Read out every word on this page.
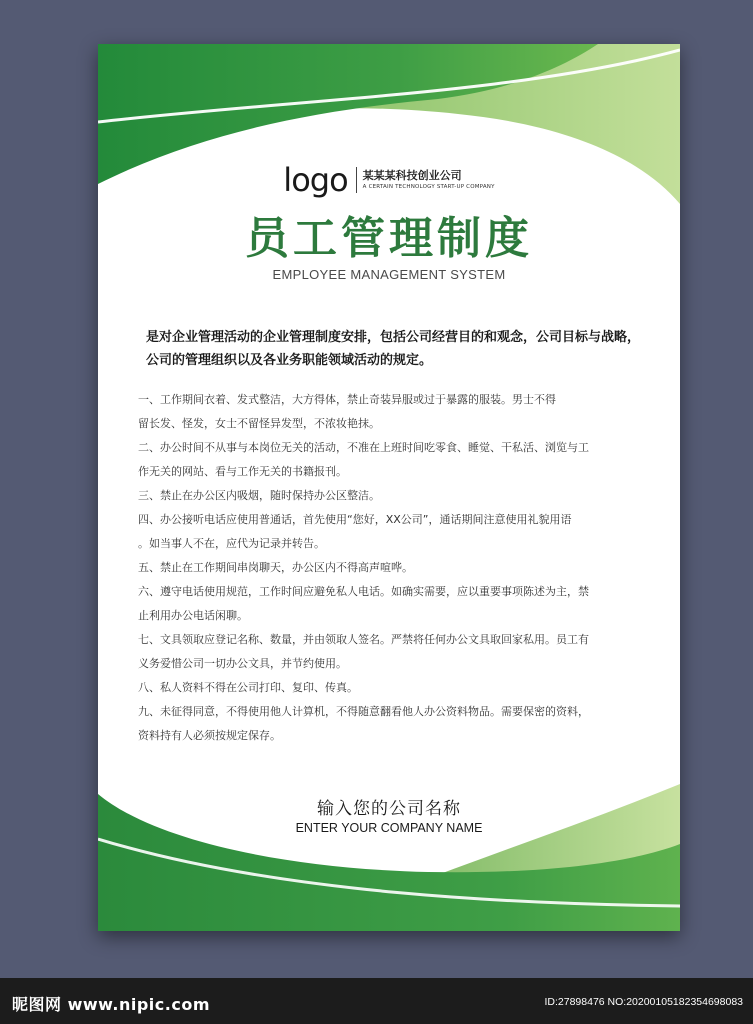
logo 某某某科技创业公司
A CERTAIN TECHNOLOGY START-UP COMPANY
员工管理制度
EMPLOYEE MANAGEMENT SYSTEM
是对企业管理活动的企业管理制度安排，包括公司经营目的和观念，公司目标与战略，公司的管理组织以及各业务职能领域活动的规定。
一、工作期间衣着、发式整洁，大方得体，禁止奇装异服或过于暴露的服装。男士不得
留长发、怪发，女士不留怪异发型，不浓妆艳抹。
二、办公时间不从事与本岗位无关的活动，不准在上班时间吃零食、睡觉、干私活、浏览与工
作无关的网站、看与工作无关的书籍报刊。
三、禁止在办公区内吸烟，随时保持办公区整洁。
四、办公接听电话应使用普通话，首先使用“您好，XX公司”，通话期间注意使用礼貌用语
。如当事人不在，应代为记录并转告。
五、禁止在工作期间串岗聊天，办公区内不得高声喧哗。
六、遵守电话使用规范，工作时间应避免私人电话。如确实需要，应以重要事项陈述为主，禁
止利用办公电话闲聊。
七、文具领取应登记名称、数量，并由领取人签名。严禁将任何办公文具取回家私用。员工有
义务爱惜公司一切办公文具，并节约使用。
八、私人资料不得在公司打印、复印、传真。
九、未征得同意，不得使用他人计算机，不得随意翻看他人办公资料物品。需要保密的资料，
资料持有人必须按规定保存。
输入您的公司名称
ENTER YOUR COMPANY NAME
昵图网 www.nipic.com	ID:27898476 NO:20200105182354698083
